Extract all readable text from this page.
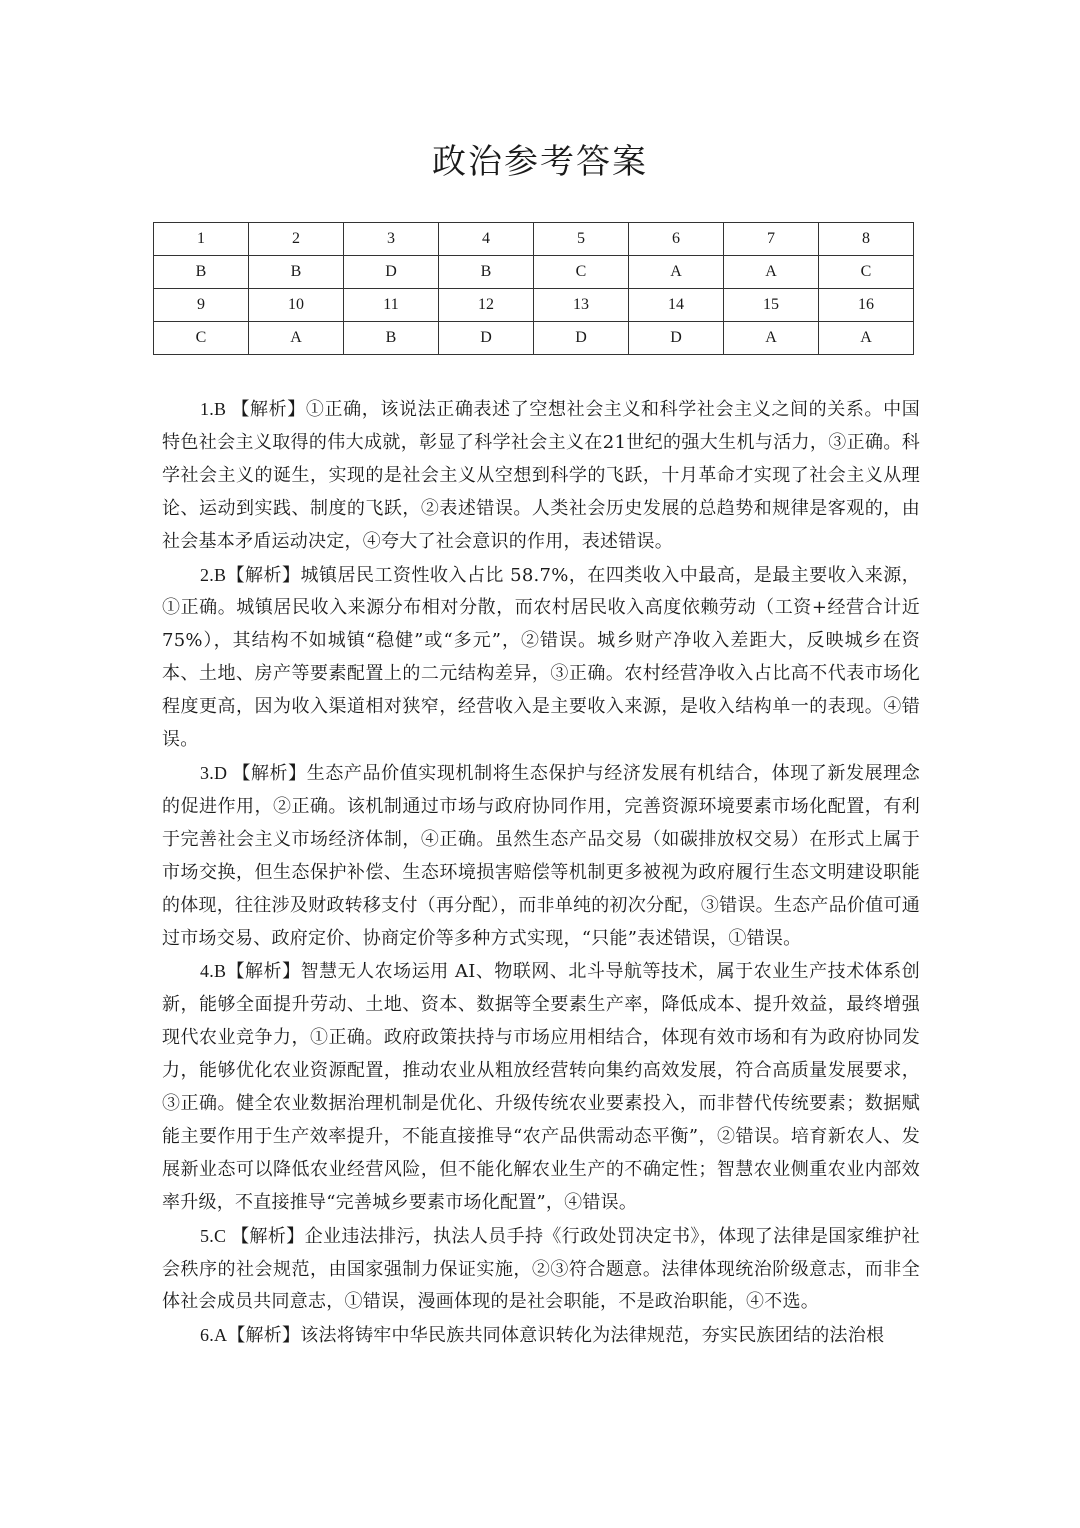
政治参考答案
1	2	3	4	5	6	7	8
B	B	D	B	C	A	A	C
9	10	11	12	13	14	15	16
C	A	B	D	D	D	A	A

1.B 【解析】①正确，该说法正确表述了空想社会主义和科学社会主义之间的关系。中国特色社会主义取得的伟大成就，彰显了科学社会主义在21世纪的强大生机与活力，③正确。科学社会主义的诞生，实现的是社会主义从空想到科学的飞跃，十月革命才实现了社会主义从理论、运动到实践、制度的飞跃，②表述错误。人类社会历史发展的总趋势和规律是客观的，由社会基本矛盾运动决定，④夸大了社会意识的作用，表述错误。

2.B【解析】城镇居民工资性收入占比 58.7%，在四类收入中最高，是最主要收入来源，①正确。城镇居民收入来源分布相对分散，而农村居民收入高度依赖劳动（工资+经营合计近75%），其结构不如城镇“稳健”或“多元”，②错误。城乡财产净收入差距大，反映城乡在资本、土地、房产等要素配置上的二元结构差异，③正确。农村经营净收入占比高不代表市场化程度更高，因为收入渠道相对狭窄，经营收入是主要收入来源，是收入结构单一的表现。④错误。

3.D 【解析】生态产品价值实现机制将生态保护与经济发展有机结合，体现了新发展理念的促进作用，②正确。该机制通过市场与政府协同作用，完善资源环境要素市场化配置，有利于完善社会主义市场经济体制，④正确。虽然生态产品交易（如碳排放权交易）在形式上属于市场交换，但生态保护补偿、生态环境损害赔偿等机制更多被视为政府履行生态文明建设职能的体现，往往涉及财政转移支付（再分配），而非单纯的初次分配，③错误。生态产品价值可通过市场交易、政府定价、协商定价等多种方式实现，“只能”表述错误，①错误。

4.B【解析】智慧无人农场运用 AI、物联网、北斗导航等技术，属于农业生产技术体系创新，能够全面提升劳动、土地、资本、数据等全要素生产率，降低成本、提升效益，最终增强现代农业竞争力，①正确。政府政策扶持与市场应用相结合，体现有效市场和有为政府协同发力，能够优化农业资源配置，推动农业从粗放经营转向集约高效发展，符合高质量发展要求，③正确。健全农业数据治理机制是优化、升级传统农业要素投入，而非替代传统要素；数据赋能主要作用于生产效率提升，不能直接推导“农产品供需动态平衡”，②错误。培育新农人、发展新业态可以降低农业经营风险，但不能化解农业生产的不确定性；智慧农业侧重农业内部效率升级，不直接推导“完善城乡要素市场化配置”，④错误。

5.C 【解析】企业违法排污，执法人员手持《行政处罚决定书》，体现了法律是国家维护社会秩序的社会规范，由国家强制力保证实施，②③符合题意。法律体现统治阶级意志，而非全体社会成员共同意志，①错误，漫画体现的是社会职能，不是政治职能，④不选。

6.A【解析】该法将铸牢中华民族共同体意识转化为法律规范，夯实民族团结的法治根
